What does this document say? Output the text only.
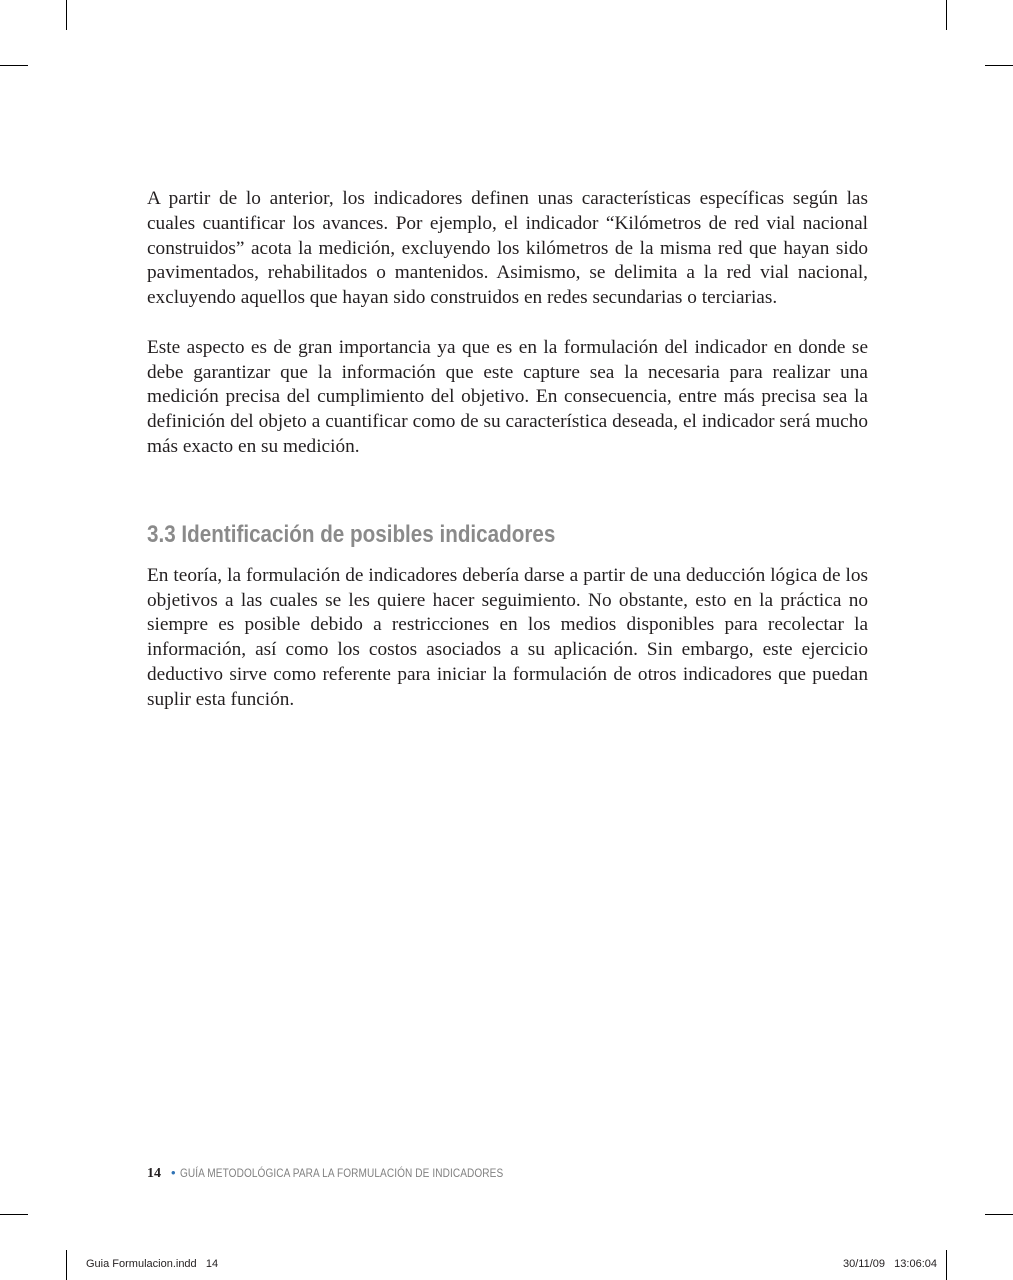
A partir de lo anterior, los indicadores definen unas características específicas según las cuales cuantificar los avances. Por ejemplo, el indicador “Kilómetros de red vial nacional construidos” acota la medición, excluyendo los kilómetros de la misma red que hayan sido pavimentados, rehabilitados o mantenidos. Asimismo, se delimita a la red vial nacional, excluyendo aquellos que hayan sido construidos en redes secundarias o terciarias.

Este aspecto es de gran importancia ya que es en la formulación del indicador en donde se debe garantizar que la información que este capture sea la necesaria para realizar una medición precisa del cumplimiento del objetivo. En consecuencia, entre más precisa sea la definición del objeto a cuantificar como de su característica deseada, el indicador será mucho más exacto en su medición.

3.3 Identificación de posibles indicadores

En teoría, la formulación de indicadores debería darse a partir de una deducción lógica de los objetivos a las cuales se les quiere hacer seguimiento. No obstante, esto en la práctica no siempre es posible debido a restricciones en los medios disponibles para recolectar la información, así como los costos asociados a su aplicación. Sin embargo, este ejercicio deductivo sirve como referente para iniciar la formulación de otros indicadores que puedan suplir esta función.

14 • GUÍA METODOLÓGICA PARA LA FORMULACIÓN DE INDICADORES
Guia Formulacion.indd   14	30/11/09   13:06:04
